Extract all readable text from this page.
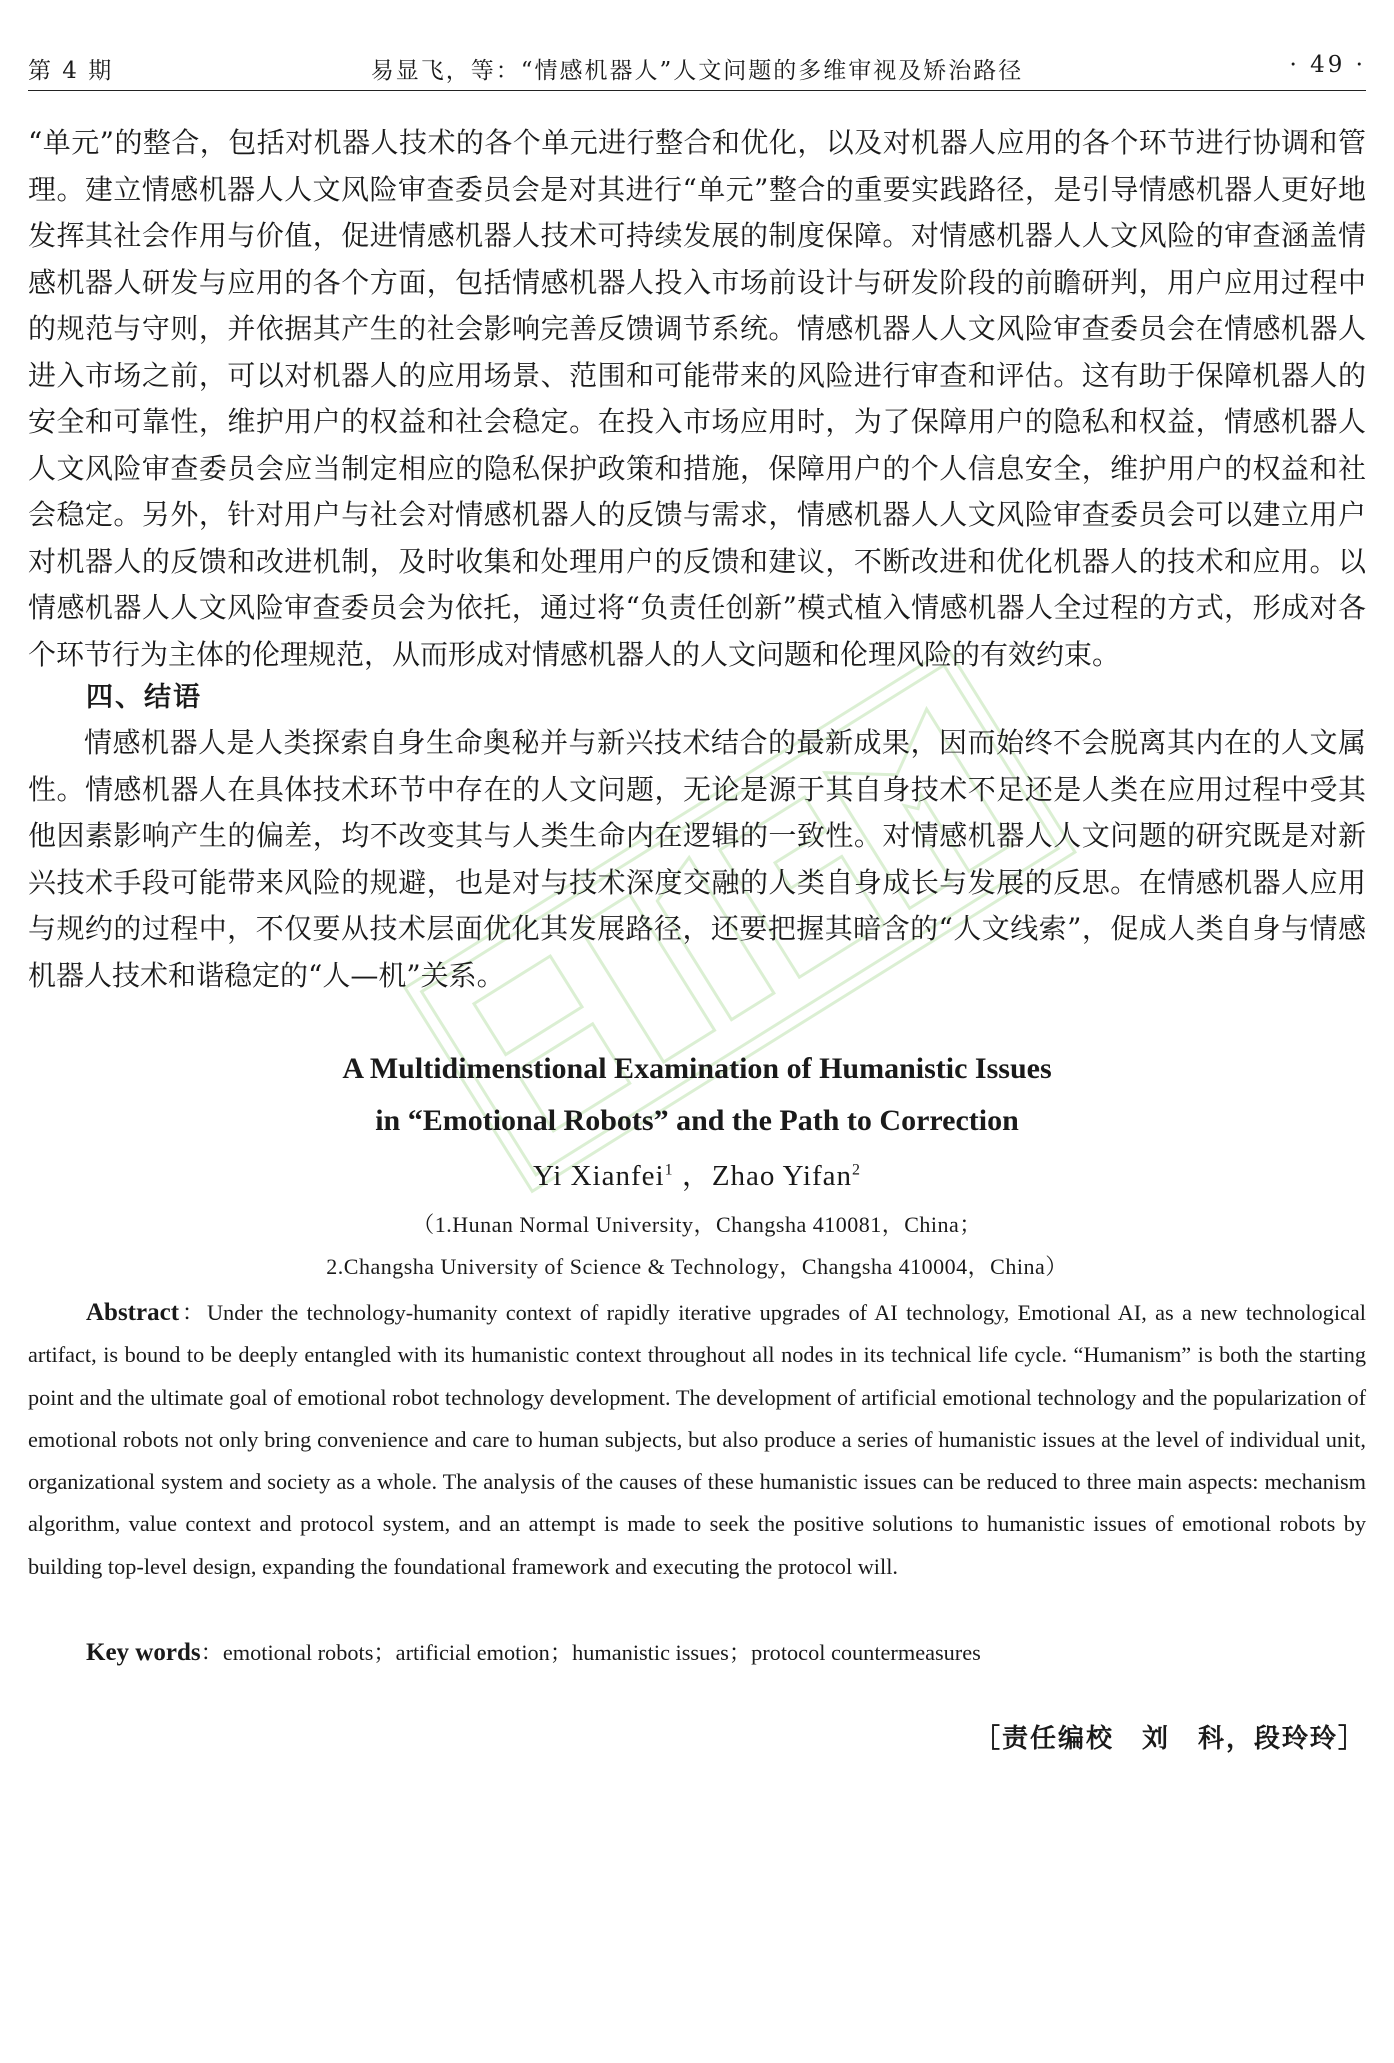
第 4 期	易显飞，等：“情感机器人”人文问题的多维审视及矫治路径	· 49 ·

“单元”的整合，包括对机器人技术的各个单元进行整合和优化，以及对机器人应用的各个环节进行协调和管理。建立情感机器人人文风险审查委员会是对其进行“单元”整合的重要实践路径，是引导情感机器人更好地发挥其社会作用与价值，促进情感机器人技术可持续发展的制度保障。对情感机器人人文风险的审查涵盖情感机器人研发与应用的各个方面，包括情感机器人投入市场前设计与研发阶段的前瞻研判，用户应用过程中的规范与守则，并依据其产生的社会影响完善反馈调节系统。情感机器人人文风险审查委员会在情感机器人进入市场之前，可以对机器人的应用场景、范围和可能带来的风险进行审查和评估。这有助于保障机器人的安全和可靠性，维护用户的权益和社会稳定。在投入市场应用时，为了保障用户的隐私和权益，情感机器人人文风险审查委员会应当制定相应的隐私保护政策和措施，保障用户的个人信息安全，维护用户的权益和社会稳定。另外，针对用户与社会对情感机器人的反馈与需求，情感机器人人文风险审查委员会可以建立用户对机器人的反馈和改进机制，及时收集和处理用户的反馈和建议，不断改进和优化机器人的技术和应用。以情感机器人人文风险审查委员会为依托，通过将“负责任创新”模式植入情感机器人全过程的方式，形成对各个环节行为主体的伦理规范，从而形成对情感机器人的人文问题和伦理风险的有效约束。

四、结语

情感机器人是人类探索自身生命奥秘并与新兴技术结合的最新成果，因而始终不会脱离其内在的人文属性。情感机器人在具体技术环节中存在的人文问题，无论是源于其自身技术不足还是人类在应用过程中受其他因素影响产生的偏差，均不改变其与人类生命内在逻辑的一致性。对情感机器人人文问题的研究既是对新兴技术手段可能带来风险的规避，也是对与技术深度交融的人类自身成长与发展的反思。在情感机器人应用与规约的过程中，不仅要从技术层面优化其发展路径，还要把握其暗含的“人文线索”，促成人类自身与情感机器人技术和谐稳定的“人—机”关系。

A Multidimenstional Examination of Humanistic Issues
in “Emotional Robots” and the Path to Correction
Yi Xianfei$^1$ ，Zhao Yifan$^2$
（1.Hunan Normal University，Changsha 410081，China；
2.Changsha University of Science & Technology，Changsha 410004，China）

Abstract：Under the technology-humanity context of rapidly iterative upgrades of AI technology, Emotional AI, as a new technological artifact, is bound to be deeply entangled with its humanistic context throughout all nodes in its technical life cycle. “Humanism” is both the starting point and the ultimate goal of emotional robot technology development. The development of artificial emotional technology and the popularization of emotional robots not only bring convenience and care to human subjects, but also produce a series of humanistic issues at the level of individual unit, organizational system and society as a whole. The analysis of the causes of these humanistic issues can be reduced to three main aspects: mechanism algorithm, value context and protocol system, and an attempt is made to seek the positive solutions to humanistic issues of emotional robots by building top-level design, expanding the foundational framework and executing the protocol will.

Key words：emotional robots；artificial emotion；humanistic issues；protocol countermeasures
［责任编校　刘　科，段玲玲］
